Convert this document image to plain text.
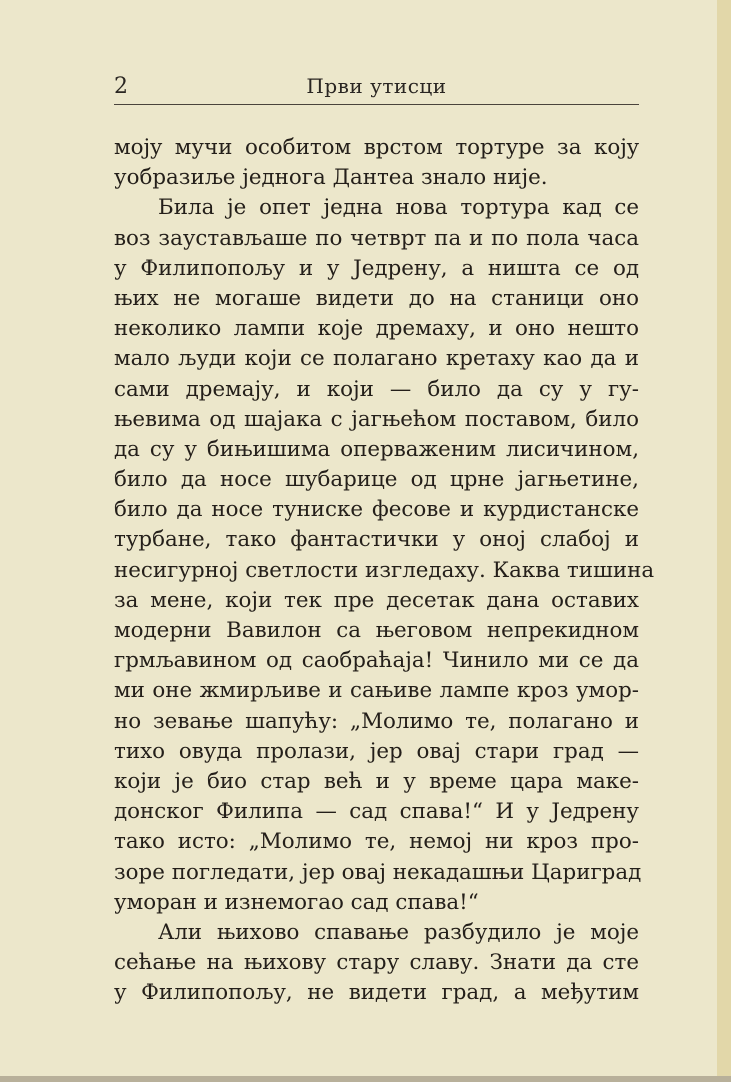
2	Први утисци
мојy мучи особитом врстом тортуре за којy
уобразиље једнога Дантеа знало није.
Била је опет једна нова тортура кад се
воз заустављаше по четврт па и по пола часа
у Филипопољу и у Једрену, а ништа се од
њих не могаше видети до на станици оно
неколико лампи које дремаху, и оно нешто
мало људи који се полагано кретаху као да и
сами дремају, и који — било да су у гу-
њевима од шајака с јагњећом поставом, било
да су у бињишима оперваженим лисичином,
било да носе шубарице од црне јагњетине,
било да носе туниске фесове и курдистанске
турбане, тако фантастички у оној слабој и
несигурној светлости изгледаху. Каква тишина
за мене, који тек пре десетак дана оставих
модерни Вавилон са његовом непрекидном
грмљавином од саобраћаја! Чинило ми се да
ми оне жмирљиве и сањиве лампе кроз умор-
но зевање шапућу: „Молимо те, полагано и
тихо овуда пролази, јер овај стари град —
који је био стар већ и у време цара маке-
донског Филипа — сад спава!“ И у Једрену
тако исто: „Молимо те, немој ни кроз про-
зоре погледати, јер овај некадашњи Цариград
уморан и изнемогао сад спава!“
Али њихово спавање разбудило је моје
сећање на њихову стару славу. Знати да сте
у Филипопољу, не видети град, а међутим
